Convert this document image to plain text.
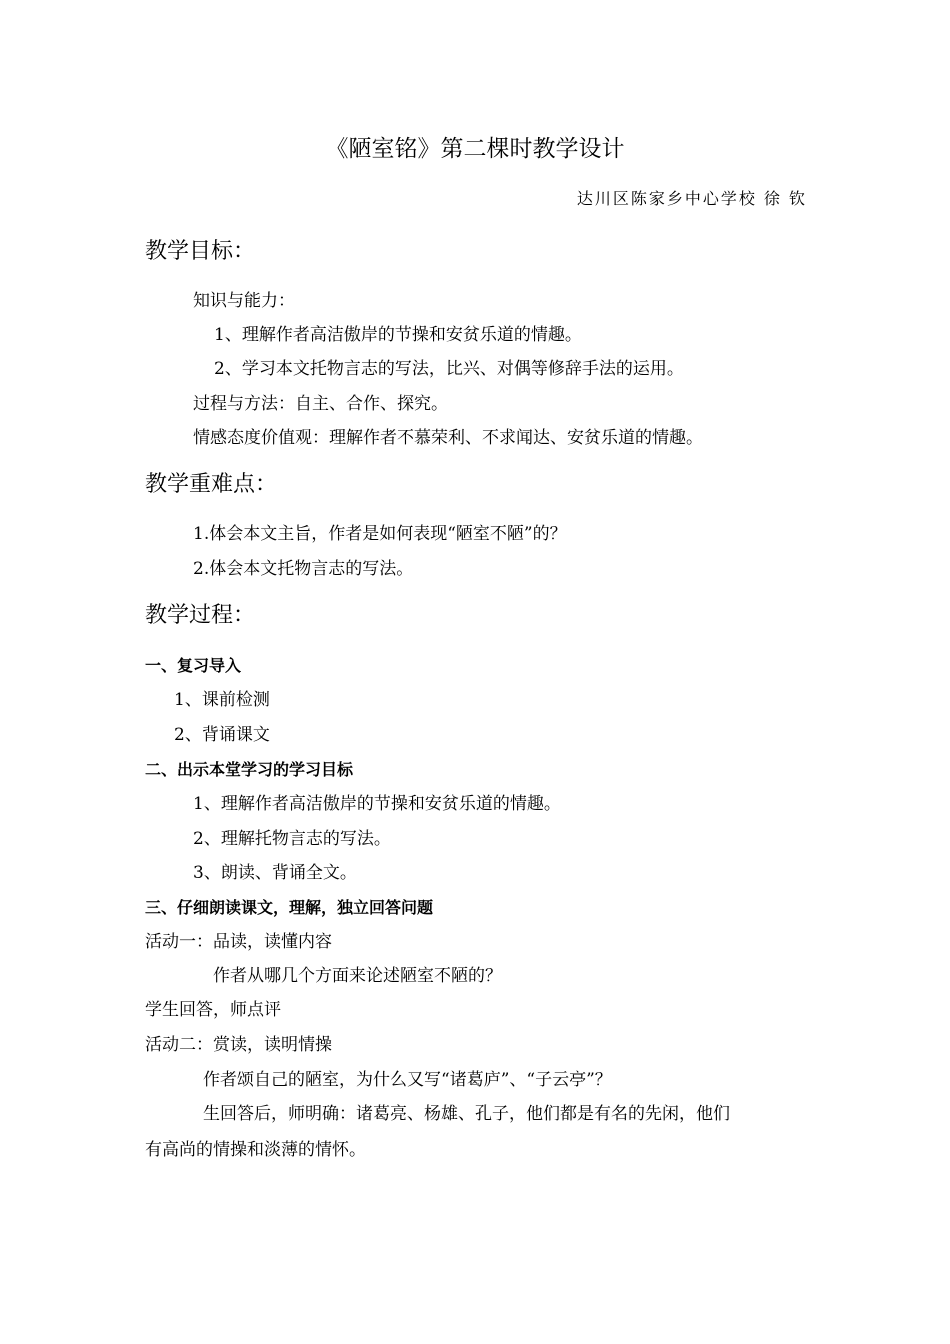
《陋室铭》第二棵时教学设计
达川区陈家乡中心学校 徐 钦
教学目标：
知识与能力：
1、理解作者高洁傲岸的节操和安贫乐道的情趣。
2、学习本文托物言志的写法，比兴、对偶等修辞手法的运用。
过程与方法：自主、合作、探究。
情感态度价值观：理解作者不慕荣利、不求闻达、安贫乐道的情趣。
教学重难点：
1.体会本文主旨，作者是如何表现“陋室不陋”的？
2.体会本文托物言志的写法。
教学过程：
一、复习导入
1、课前检测
2、背诵课文
二、出示本堂学习的学习目标
1、理解作者高洁傲岸的节操和安贫乐道的情趣。
2、理解托物言志的写法。
3、朗读、背诵全文。
三、仔细朗读课文，理解，独立回答问题
活动一：品读，读懂内容
作者从哪几个方面来论述陋室不陋的？
学生回答，师点评
活动二：赏读，读明情操
作者颂自己的陋室，为什么又写“诸葛庐”、“子云亭”？
生回答后，师明确：诸葛亮、杨雄、孔子，他们都是有名的先闲，他们
有高尚的情操和淡薄的情怀。
